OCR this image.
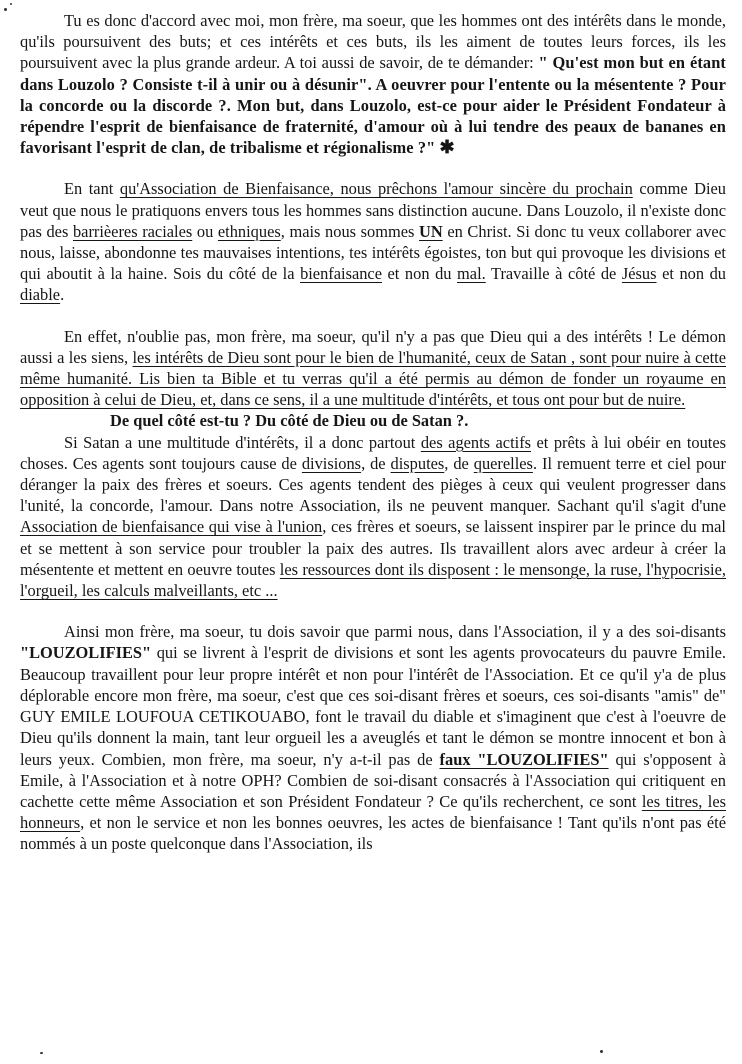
Tu es donc d'accord avec moi, mon frère, ma soeur, que les hommes ont des intérêts dans le monde, qu'ils poursuivent des buts; et ces intérêts et ces buts, ils les aiment de toutes leurs forces, ils les poursuivent avec la plus grande ardeur. A toi aussi de savoir, de te démander: " Qu'est mon but en étant dans Louzolo ? Consiste t-il à unir ou à désunir". A oeuvrer pour l'entente ou la mésentente ? Pour la concorde ou la discorde ?. Mon but, dans Louzolo, est-ce pour aider le Président Fondateur à répendre l'esprit de bienfaisance de fraternité, d'amour où à lui tendre des peaux de bananes en favorisant l'esprit de clan, de tribalisme et régionalisme ?" ✱

En tant qu'Association de Bienfaisance, nous prêchons l'amour sincère du prochain comme Dieu veut que nous le pratiquons envers tous les hommes sans distinction aucune. Dans Louzolo, il n'existe donc pas des barrièeres raciales ou ethniques, mais nous sommes UN en Christ. Si donc tu veux collaborer avec nous, laisse, abondonne tes mauvaises intentions, tes intérêts égoistes, ton but qui provoque les divisions et qui aboutit à la haine. Sois du côté de la bienfaisance et non du mal. Travaille à côté de Jésus et non du diable.

En effet, n'oublie pas, mon frère, ma soeur, qu'il n'y a pas que Dieu qui a des intérêts ! Le démon aussi a les siens, les intérêts de Dieu sont pour le bien de l'humanité, ceux de Satan , sont pour nuire à cette même humanité. Lis bien ta Bible et tu verras qu'il a été permis au démon de fonder un royaume en opposition à celui de Dieu, et, dans ce sens, il a une multitude d'intérêts, et tous ont pour but de nuire.

De quel côté est-tu ? Du côté de Dieu ou de Satan ?.

Si Satan a une multitude d'intérêts, il a donc partout des agents actifs et prêts à lui obéir en toutes choses. Ces agents sont toujours cause de divisions, de disputes, de querelles. Il remuent terre et ciel pour déranger la paix des frères et soeurs. Ces agents tendent des pièges à ceux qui veulent progresser dans l'unité, la concorde, l'amour. Dans notre Association, ils ne peuvent manquer. Sachant qu'il s'agit d'une Association de bienfaisance qui vise à l'union, ces frères et soeurs, se laissent inspirer par le prince du mal et se mettent à son service pour troubler la paix des autres. Ils travaillent alors avec ardeur à créer la mésentente et mettent en oeuvre toutes les ressources dont ils disposent : le mensonge, la ruse, l'hypocrisie, l'orgueil, les calculs malveillants, etc ...

Ainsi mon frère, ma soeur, tu dois savoir que parmi nous, dans l'Association, il y a des soi-disants "LOUZOLIFIES" qui se livrent à l'esprit de divisions et sont les agents provocateurs du pauvre Emile. Beaucoup travaillent pour leur propre intérêt et non pour l'intérêt de l'Association. Et ce qu'il y'a de plus déplorable encore mon frère, ma soeur, c'est que ces soi-disant frères et soeurs, ces soi-disants "amis" de" GUY EMILE LOUFOUA CETIKOUABO, font le travail du diable et s'imaginent que c'est à l'oeuvre de Dieu qu'ils donnent la main, tant leur orgueil les a aveuglés et tant le démon se montre innocent et bon à leurs yeux. Combien, mon frère, ma soeur, n'y a-t-il pas de faux "LOUZOLIFIES" qui s'opposent à Emile, à l'Association et à notre OPH? Combien de soi-disant consacrés à l'Association qui critiquent en cachette cette même Association et son Président Fondateur ? Ce qu'ils recherchent, ce sont les titres, les honneurs, et non le service et non les bonnes oeuvres, les actes de bienfaisance ! Tant qu'ils n'ont pas été nommés à un poste quelconque dans l'Association, ils
